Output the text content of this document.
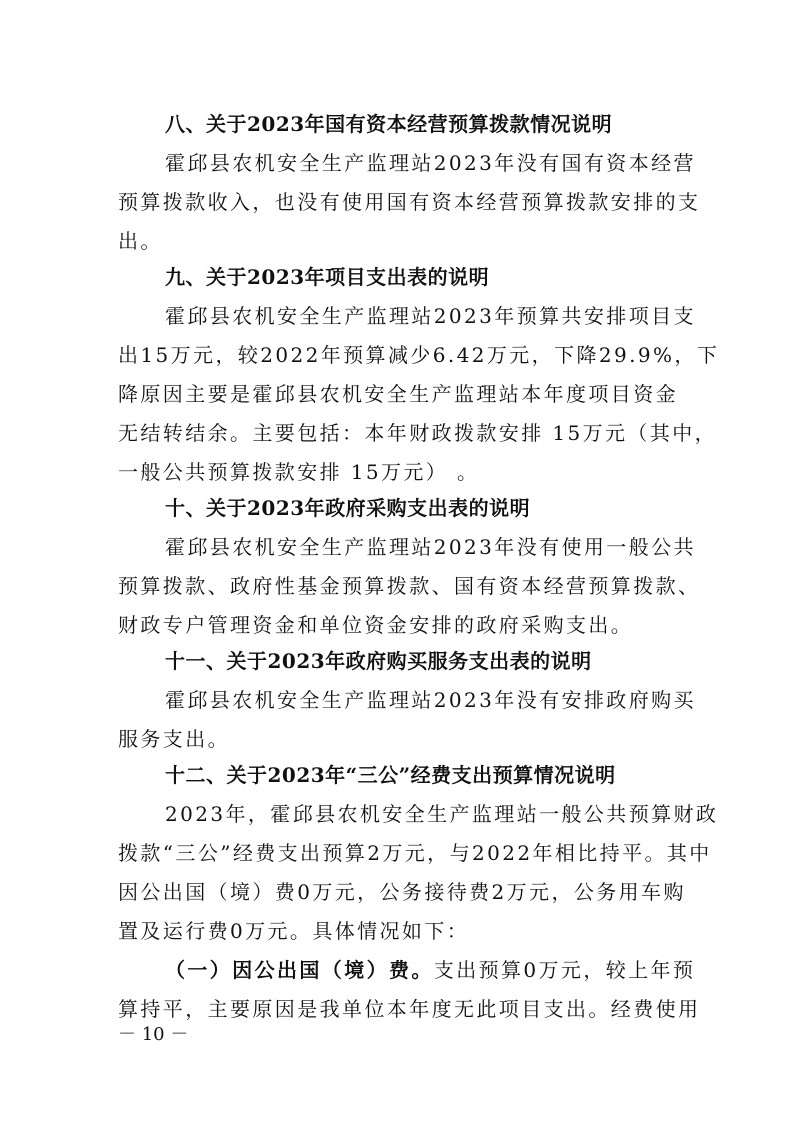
八、关于2023年国有资本经营预算拨款情况说明
霍邱县农机安全生产监理站2023年没有国有资本经营
预算拨款收入，也没有使用国有资本经营预算拨款安排的支
出。
九、关于2023年项目支出表的说明
霍邱县农机安全生产监理站2023年预算共安排项目支
出15万元，较2022年预算减少6.42万元，下降29.9%，下
降原因主要是霍邱县农机安全生产监理站本年度项目资金
无结转结余。主要包括：本年财政拨款安排 15万元（其中，
一般公共预算拨款安排 15万元） 。
十、关于2023年政府采购支出表的说明
霍邱县农机安全生产监理站2023年没有使用一般公共
预算拨款、政府性基金预算拨款、国有资本经营预算拨款、
财政专户管理资金和单位资金安排的政府采购支出。
十一、关于2023年政府购买服务支出表的说明
霍邱县农机安全生产监理站2023年没有安排政府购买
服务支出。
十二、关于2023年“三公”经费支出预算情况说明
2023年，霍邱县农机安全生产监理站一般公共预算财政
拨款“三公”经费支出预算2万元，与2022年相比持平。其中
因公出国（境）费0万元，公务接待费2万元，公务用车购
置及运行费0万元。具体情况如下：
（一）因公出国（境）费。支出预算0万元，较上年预
算持平，主要原因是我单位本年度无此项目支出。经费使用
－ 10 －
